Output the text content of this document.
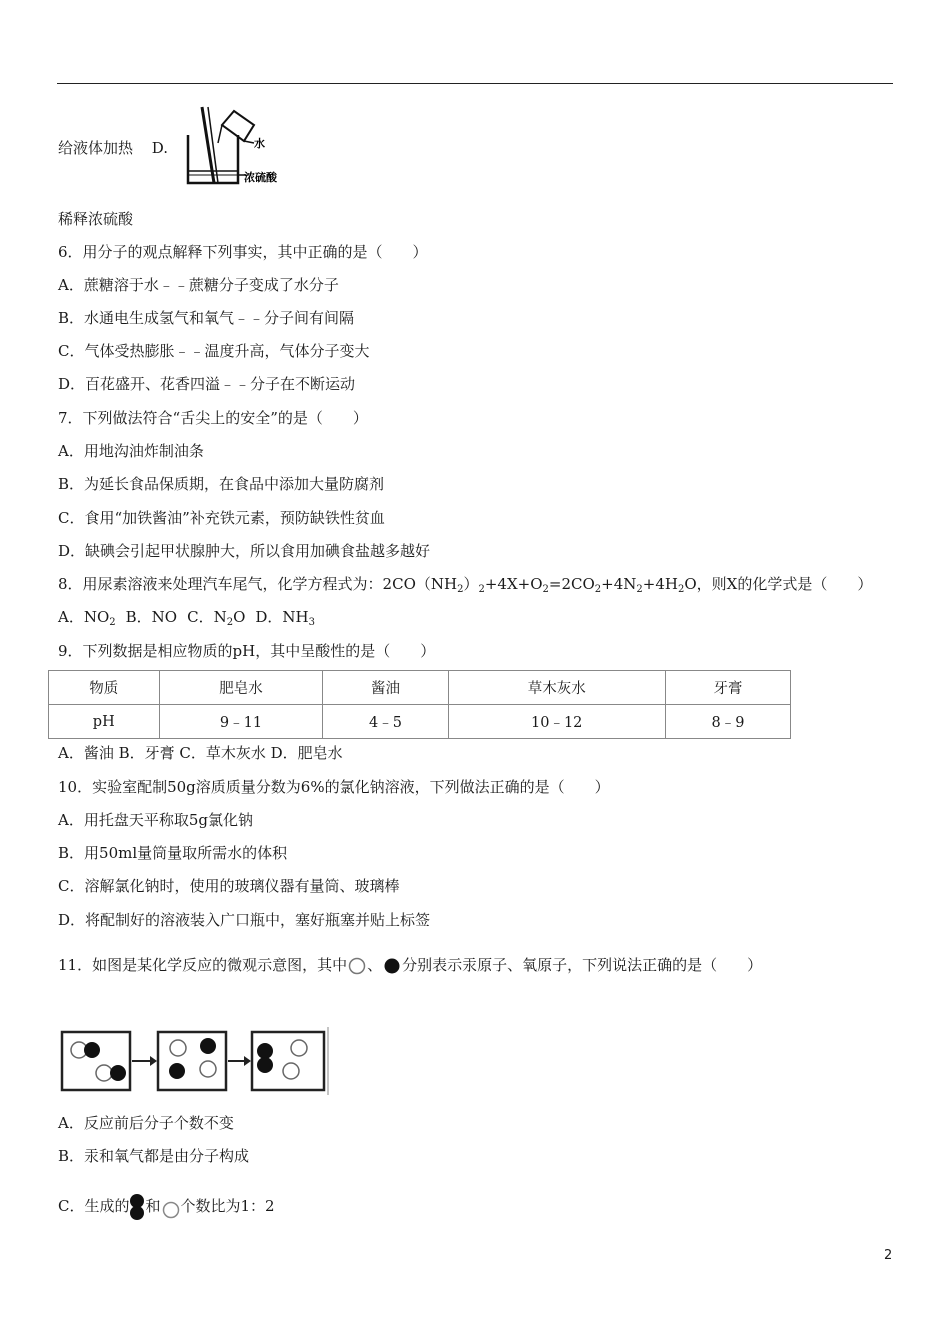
给液体加热 D.	水
浓硫酸
稀释浓硫酸
6．用分子的观点解释下列事实，其中正确的是（　　）
A．蔗糖溶于水﹣﹣蔗糖分子变成了水分子
B．水通电生成氢气和氧气﹣﹣分子间有间隔
C．气体受热膨胀﹣﹣温度升高，气体分子变大
D．百花盛开、花香四溢﹣﹣分子在不断运动
7．下列做法符合“舌尖上的安全”的是（　　）
A．用地沟油炸制油条
B．为延长食品保质期，在食品中添加大量防腐剂
C．食用“加铁酱油”补充铁元素，预防缺铁性贫血
D．缺碘会引起甲状腺肿大，所以食用加碘食盐越多越好
8．用尿素溶液来处理汽车尾气，化学方程式为：$2CO(NH_2)_2+4X+O_2=2CO_2+4N_2+4H_2O$，则X的化学式是（　　）
A．$NO_2$ B．NO C．$N_2O$ D．$NH_3$
9．下列数据是相应物质的pH，其中呈酸性的是（　　）
物质	肥皂水	酱油	草木灰水	牙膏
pH	9﹣11	4﹣5	10﹣12	8﹣9
A．酱油 B．牙膏 C．草木灰水 D．肥皂水
10．实验室配制50g溶质质量分数为6%的氯化钠溶液，下列做法正确的是（　　）
A．用托盘天平称取5g氯化钠
B．用50ml量筒量取所需水的体积
C．溶解氯化钠时，使用的玻璃仪器有量筒、玻璃棒
D．将配制好的溶液装入广口瓶中，塞好瓶塞并贴上标签
11．如图是某化学反应的微观示意图，其中 、 分别表示汞原子、氧原子，下列说法正确的是（　　）
A．反应前后分子个数不变
B．汞和氧气都是由分子构成
C．生成的 和 个数比为1：2
2
